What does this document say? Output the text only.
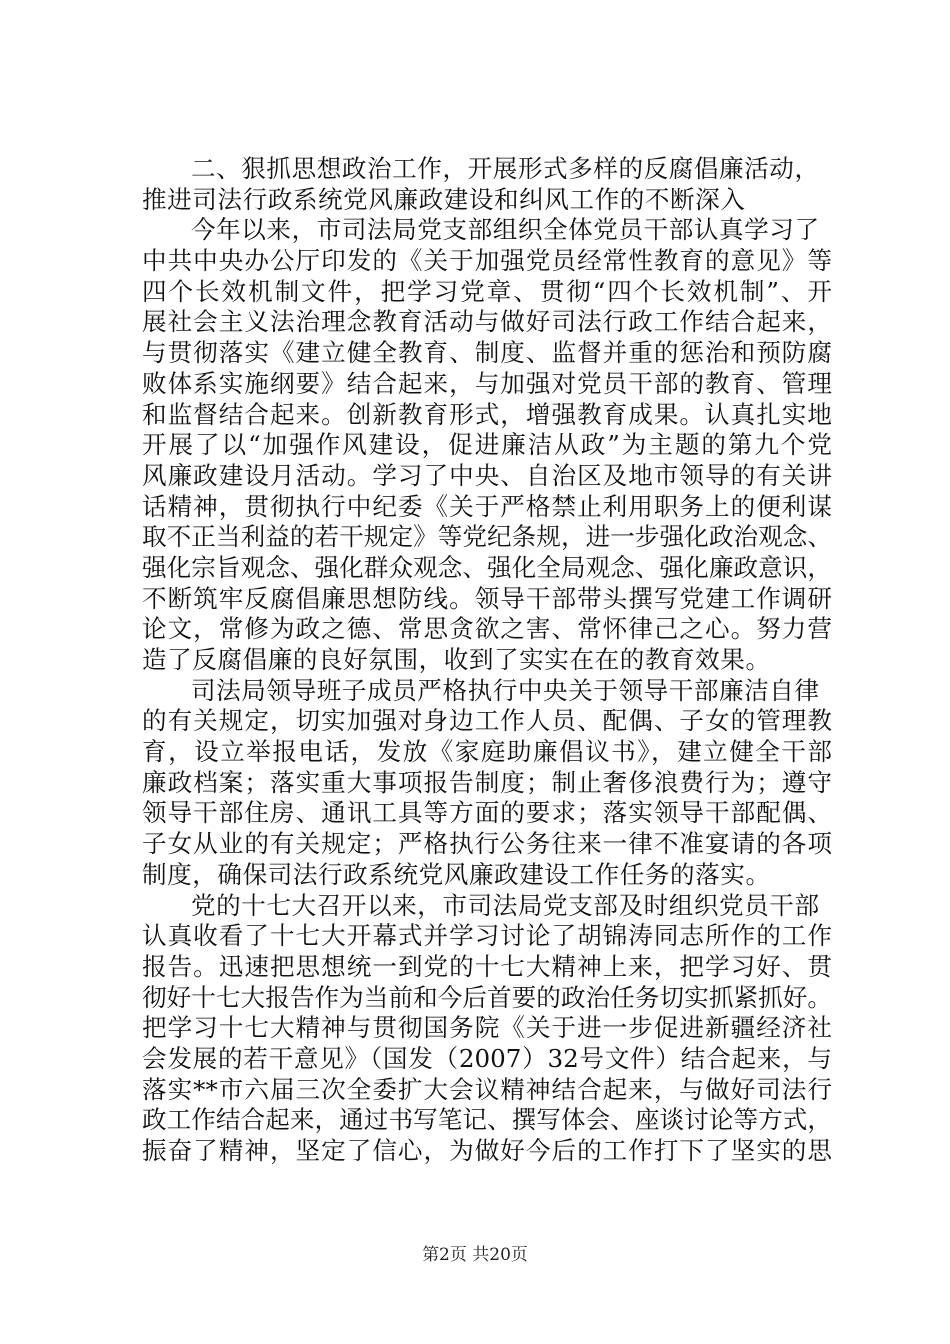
二、狠抓思想政治工作，开展形式多样的反腐倡廉活动，
推进司法行政系统党风廉政建设和纠风工作的不断深入
今年以来，市司法局党支部组织全体党员干部认真学习了
中共中央办公厅印发的《关于加强党员经常性教育的意见》等
四个长效机制文件，把学习党章、贯彻“四个长效机制”、开
展社会主义法治理念教育活动与做好司法行政工作结合起来，
与贯彻落实《建立健全教育、制度、监督并重的惩治和预防腐
败体系实施纲要》结合起来，与加强对党员干部的教育、管理
和监督结合起来。创新教育形式，增强教育成果。认真扎实地
开展了以“加强作风建设，促进廉洁从政”为主题的第九个党
风廉政建设月活动。学习了中央、自治区及地市领导的有关讲
话精神，贯彻执行中纪委《关于严格禁止利用职务上的便利谋
取不正当利益的若干规定》等党纪条规，进一步强化政治观念、
强化宗旨观念、强化群众观念、强化全局观念、强化廉政意识，
不断筑牢反腐倡廉思想防线。领导干部带头撰写党建工作调研
论文，常修为政之德、常思贪欲之害、常怀律己之心。努力营
造了反腐倡廉的良好氛围，收到了实实在在的教育效果。
司法局领导班子成员严格执行中央关于领导干部廉洁自律
的有关规定，切实加强对身边工作人员、配偶、子女的管理教
育，设立举报电话，发放《家庭助廉倡议书》，建立健全干部
廉政档案；落实重大事项报告制度；制止奢侈浪费行为；遵守
领导干部住房、通讯工具等方面的要求；落实领导干部配偶、
子女从业的有关规定；严格执行公务往来一律不准宴请的各项
制度，确保司法行政系统党风廉政建设工作任务的落实。
党的十七大召开以来，市司法局党支部及时组织党员干部
认真收看了十七大开幕式并学习讨论了胡锦涛同志所作的工作
报告。迅速把思想统一到党的十七大精神上来，把学习好、贯
彻好十七大报告作为当前和今后首要的政治任务切实抓紧抓好。
把学习十七大精神与贯彻国务院《关于进一步促进新疆经济社
会发展的若干意见》（国发（2007）32号文件）结合起来，与
落实**市六届三次全委扩大会议精神结合起来，与做好司法行
政工作结合起来，通过书写笔记、撰写体会、座谈讨论等方式，
振奋了精神，坚定了信心，为做好今后的工作打下了坚实的思
第2页 共20页
